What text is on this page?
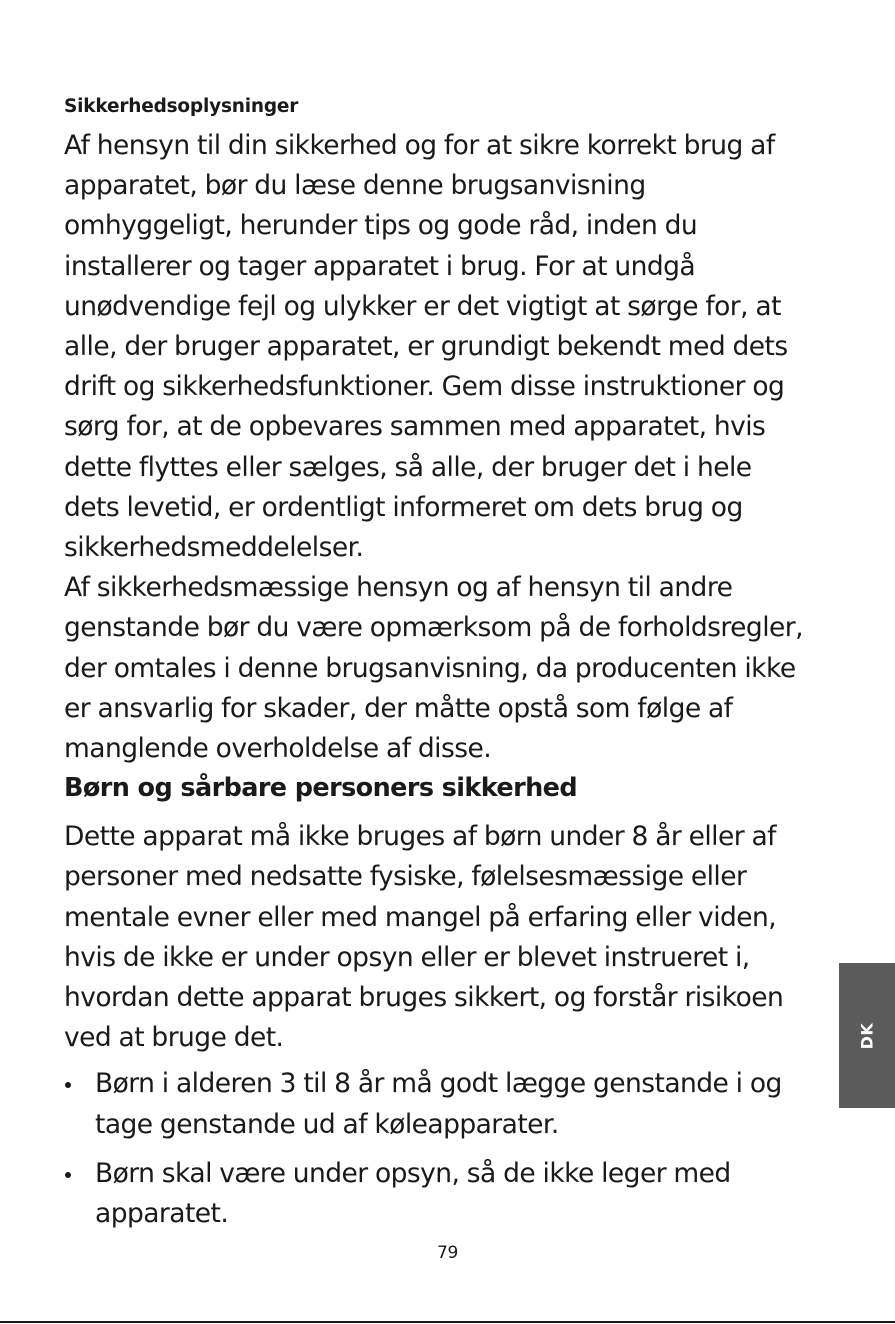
Sikkerhedsoplysninger

Af hensyn til din sikkerhed og for at sikre korrekt brug af
apparatet, bør du læse denne brugsanvisning
omhyggeligt, herunder tips og gode råd, inden du
installerer og tager apparatet i brug. For at undgå
unødvendige fejl og ulykker er det vigtigt at sørge for, at
alle, der bruger apparatet, er grundigt bekendt med dets
drift og sikkerhedsfunktioner. Gem disse instruktioner og
sørg for, at de opbevares sammen med apparatet, hvis
dette flyttes eller sælges, så alle, der bruger det i hele
dets levetid, er ordentligt informeret om dets brug og
sikkerhedsmeddelelser.

Af sikkerhedsmæssige hensyn og af hensyn til andre
genstande bør du være opmærksom på de forholdsregler,
der omtales i denne brugsanvisning, da producenten ikke
er ansvarlig for skader, der måtte opstå som følge af
manglende overholdelse af disse.

Børn og sårbare personers sikkerhed

Dette apparat må ikke bruges af børn under 8 år eller af
personer med nedsatte fysiske, følelsesmæssige eller
mentale evner eller med mangel på erfaring eller viden,
hvis de ikke er under opsyn eller er blevet instrueret i,
hvordan dette apparat bruges sikkert, og forstår risikoen
ved at bruge det.

Børn i alderen 3 til 8 år må godt lægge genstande i og
tage genstande ud af køleapparater.
Børn skal være under opsyn, så de ikke leger med
apparatet.
DK
79
